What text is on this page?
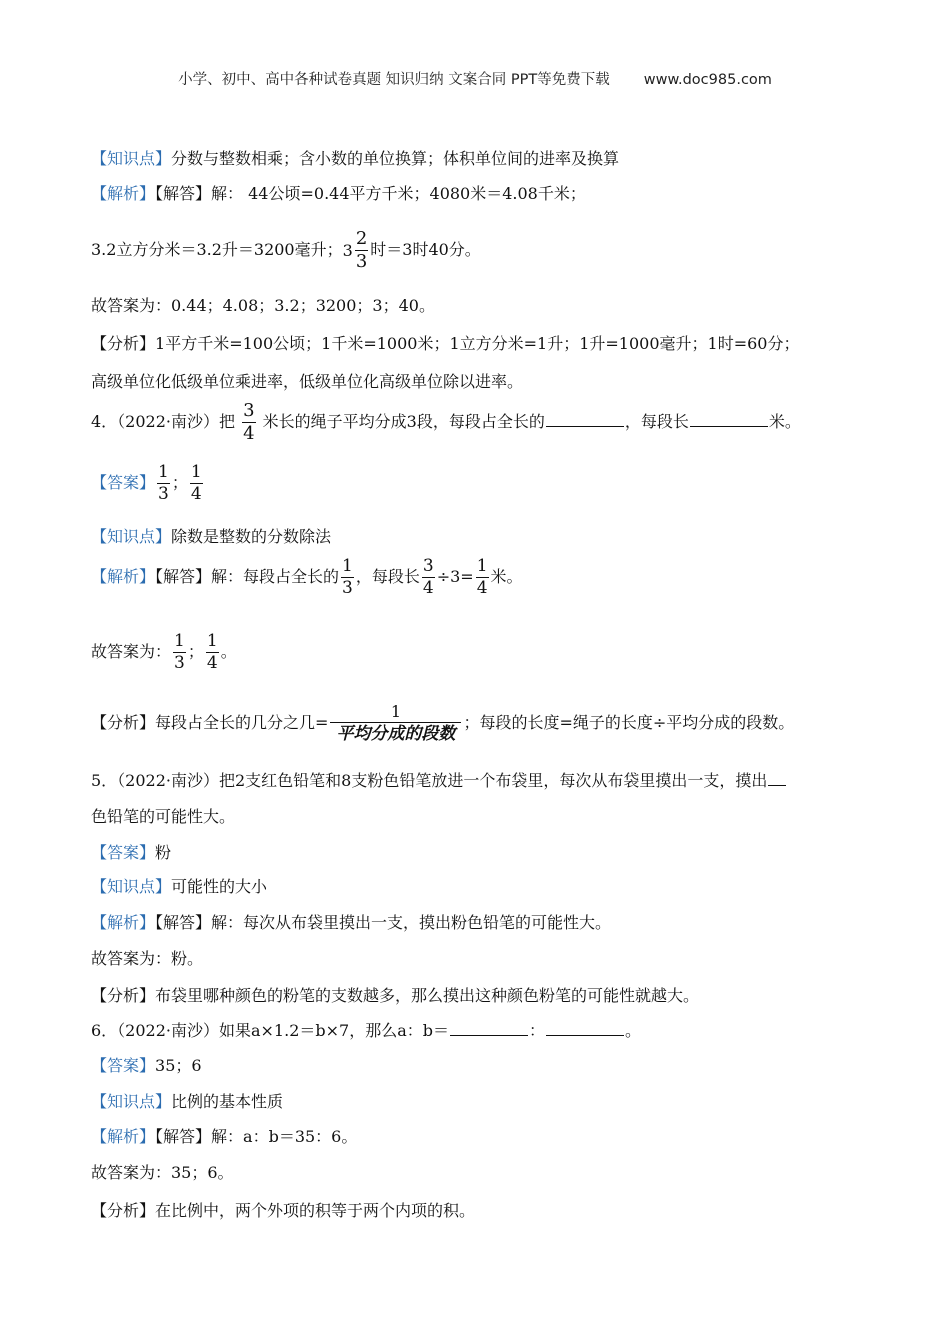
小学、初中、高中各种试卷真题 知识归纳 文案合同 PPT等免费下载 www.doc985.com
【知识点】分数与整数相乘；含小数的单位换算；体积单位间的进率及换算
【解析】【解答】解： 44公顷=0.44平方千米；4080米＝4.08千米；
3.2立方分米＝3.2升＝3200毫升； $3 \frac{2}{3}$ 时＝3时40分。
故答案为：0.44；4.08；3.2；3200；3；40。
【分析】1平方千米=100公顷；1千米=1000米；1立方分米=1升；1升=1000毫升；1时=60分；
高级单位化低级单位乘进率，低级单位化高级单位除以进率。
4．（2022·南沙）把 $\frac{3}{4}$ 米长的绳子平均分成3段，每段占全长的	，每段长	米。
【答案】 $\frac{1}{3}$ ； $\frac{1}{4}$
【知识点】除数是整数的分数除法
【解析】【解答】解：每段占全长的 $\frac{1}{3}$ ，每段长 $\frac{3}{4} \div 3= \frac{1}{4}$ 米。
故答案为： $\frac{1}{3}$ ； $\frac{1}{4}$ 。
【分析】每段占全长的几分之几= $\frac{1}{\text{平均分成的段数}}$ ；每段的长度=绳子的长度÷平均分成的段数。
5．（2022·南沙）把2支红色铅笔和8支粉色铅笔放进一个布袋里，每次从布袋里摸出一支，摸出
色铅笔的可能性大。
【答案】粉
【知识点】可能性的大小
【解析】【解答】解：每次从布袋里摸出一支，摸出粉色铅笔的可能性大。
故答案为：粉。
【分析】布袋里哪种颜色的粉笔的支数越多，那么摸出这种颜色粉笔的可能性就越大。
6．（2022·南沙）如果a×1.2＝b×7，那么a：b＝	：	。
【答案】35；6
【知识点】比例的基本性质
【解析】【解答】解：a：b＝35：6。
故答案为：35；6。
【分析】在比例中，两个外项的积等于两个内项的积。
